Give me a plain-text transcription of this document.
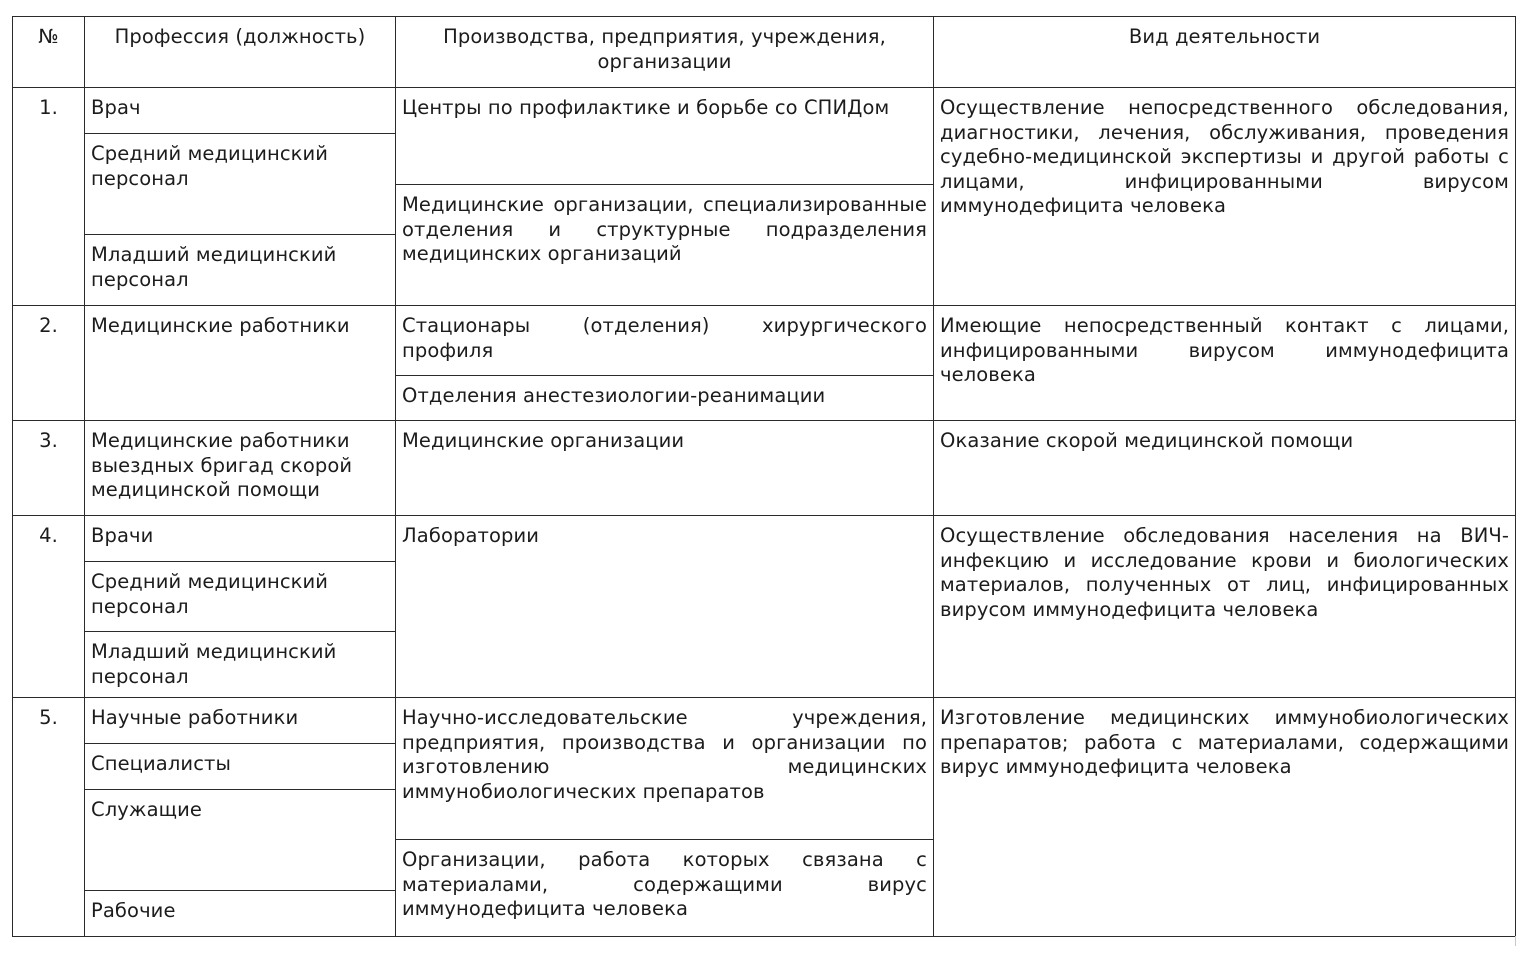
№	Профессия (должность)	Производства, предприятия, учреждения, организации	Вид деятельности
1.	Врач	Центры по профилактике и борьбе со СПИДом	Осуществление непосредственного обследования, диагностики, лечения, обслуживания, проведения судебно-медицинской экспертизы и другой работы с лицами, инфицированными вирусом иммунодефицита человека
	Средний медицинский персонал		
		Медицинские организации, специализированные отделения и структурные подразделения медицинских организаций	
	Младший медицинский персонал		
2.	Медицинские работники	Стационары (отделения) хирургического профиля	Имеющие непосредственный контакт с лицами, инфицированными вирусом иммунодефицита человека
		Отделения анестезиологии-реанимации	
3.	Медицинские работники выездных бригад скорой медицинской помощи	Медицинские организации	Оказание скорой медицинской помощи
4.	Врачи	Лаборатории	Осуществление обследования населения на ВИЧ-инфекцию и исследование крови и биологических материалов, полученных от лиц, инфицированных вирусом иммунодефицита человека
	Средний медицинский персонал		
	Младший медицинский персонал		
5.	Научные работники	Научно-исследовательские учреждения, предприятия, производства и организации по изготовлению медицинских иммунобиологических препаратов	Изготовление медицинских иммунобиологических препаратов; работа с материалами, содержащими вирус иммунодефицита человека
	Специалисты		
	Служащие		
		Организации, работа которых связана с материалами, содержащими вирус иммунодефицита человека	
	Рабочие		
